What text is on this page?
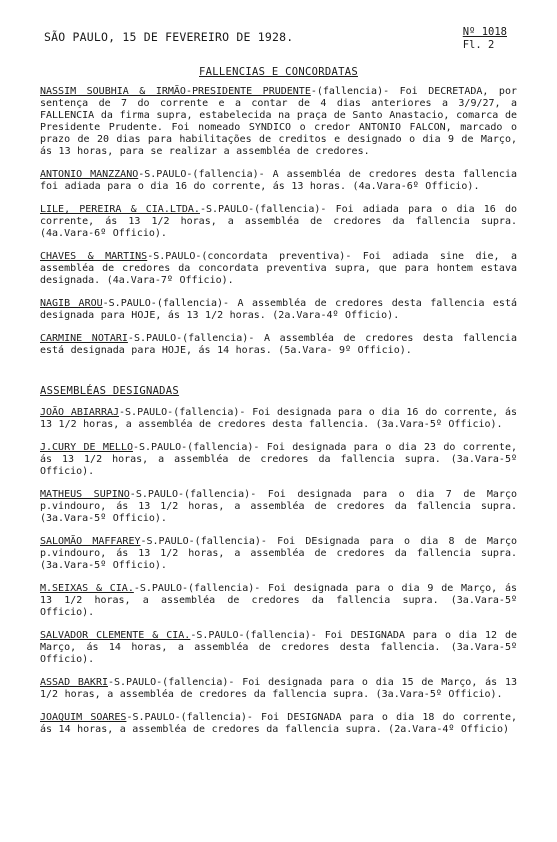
SÃO PAULO, 15 DE FEVEREIRO DE 1928.	Nº 1018
Fl. 2
FALLENCIAS E CONCORDATAS

NASSIM SOUBHIA & IRMÃO-PRESIDENTE PRUDENTE-(fallencia)- Foi DECRETADA, por sentença de 7 do corrente e a contar de 4 dias anteriores a 3/9/27, a FALLENCIA da firma supra, estabelecida na praça de Santo Anastacio, comarca de Presidente Prudente. Foi nomeado SYNDICO o credor ANTONIO FALCON, marcado o prazo de 20 dias para habilitações de creditos e designado o dia 9 de Março, ás 13 horas, para se realizar a assembléa de credores.

ANTONIO MANZZANO-S.PAULO-(fallencia)- A assembléa de credores desta fallencia foi adiada para o dia 16 do corrente, ás 13 horas. (4a.Vara-6º Officio).

LILE, PEREIRA & CIA.LTDA.-S.PAULO-(fallencia)- Foi adiada para o dia 16 do corrente, ás 13 1/2 horas, a assembléa de credores da fallencia supra. (4a.Vara-6º Officio).

CHAVES & MARTINS-S.PAULO-(concordata preventiva)- Foi adiada sine die, a assembléa de credores da concordata preventiva supra, que para hontem estava designada. (4a.Vara-7º Officio).

NAGIB AROU-S.PAULO-(fallencia)- A assembléa de credores desta fallencia está designada para HOJE, ás 13 1/2 horas. (2a.Vara-4º Officio).

CARMINE NOTARI-S.PAULO-(fallencia)- A assembléa de credores desta fallencia está designada para HOJE, ás 14 horas. (5a.Vara- 9º Officio).

ASSEMBLÉAS DESIGNADAS

JOÃO ABIARRAJ-S.PAULO-(fallencia)- Foi designada para o dia 16 do corrente, ás 13 1/2 horas, a assembléa de credores desta fallencia. (3a.Vara-5º Officio).

J.CURY DE MELLO-S.PAULO-(fallencia)- Foi designada para o dia 23 do corrente, ás 13 1/2 horas, a assembléa de credores da fallencia supra. (3a.Vara-5º Officio).

MATHEUS SUPINO-S.PAULO-(fallencia)- Foi designada para o dia 7 de Março p.vindouro, ás 13 1/2 horas, a assembléa de credores da fallencia supra. (3a.Vara-5º Officio).

SALOMÃO MAFFAREY-S.PAULO-(fallencia)- Foi DEsignada para o dia 8 de Março p.vindouro, ás 13 1/2 horas, a assembléa de credores da fallencia supra. (3a.Vara-5º Officio).

M.SEIXAS & CIA.-S.PAULO-(fallencia)- Foi designada para o dia 9 de Março, ás 13 1/2 horas, a assembléa de credores da fallencia supra. (3a.Vara-5º Officio).

SALVADOR CLEMENTE & CIA.-S.PAULO-(fallencia)- Foi DESIGNADA para o dia 12 de Março, ás 14 horas, a assembléa de credores desta fallencia. (3a.Vara-5º Officio).

ASSAD BAKRI-S.PAULO-(fallencia)- Foi designada para o dia 15 de Março, ás 13 1/2 horas, a assembléa de credores da fallencia supra. (3a.Vara-5º Officio).

JOAQUIM SOARES-S.PAULO-(fallencia)- Foi DESIGNADA para o dia 18 do corrente, ás 14 horas, a assembléa de credores da fallencia supra. (2a.Vara-4º Officio)
